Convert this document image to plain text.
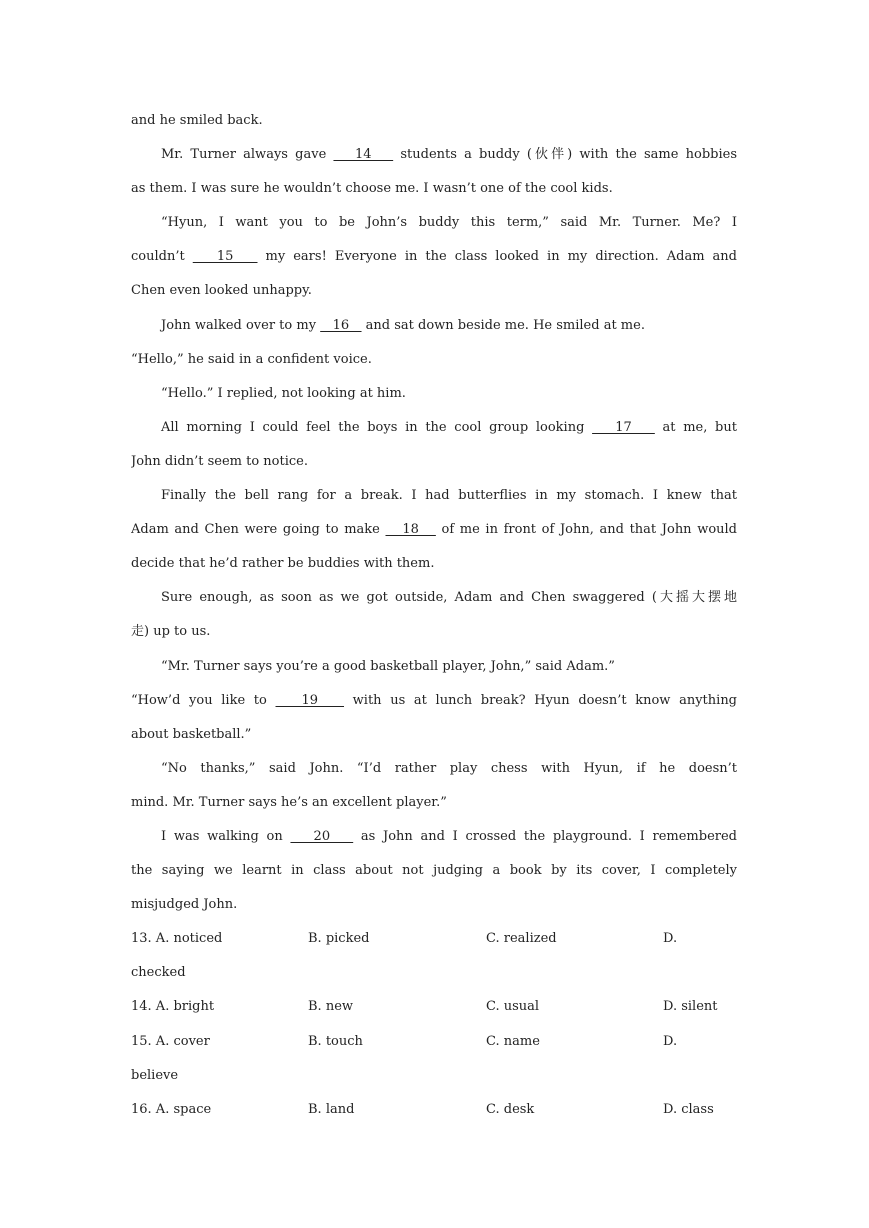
and he smiled back.
Mr. Turner always gave    14    students a buddy (伙伴) with the same hobbies
as them. I was sure he wouldn’t choose me. I wasn’t one of the cool kids.
“Hyun, I want you to be John’s buddy this term,” said Mr. Turner. Me? I
couldn’t    15    my ears! Everyone in the class looked in my direction. Adam and
Chen even looked unhappy.
John walked over to my    16    and sat down beside me. He smiled at me.
“Hello,” he said in a confident voice.
“Hello.” I replied, not looking at him.
All morning I could feel the boys in the cool group looking    17    at me, but
John didn’t seem to notice.
Finally the bell rang for a break. I had butterflies in my stomach. I knew that
Adam and Chen were going to make    18    of me in front of John, and that John would
decide that he’d rather be buddies with them.
Sure enough, as soon as we got outside, Adam and Chen swaggered (大摇大摆地
走) up to us.
“Mr. Turner says you’re a good basketball player, John,” said Adam.”
“How’d you like to    19    with us at lunch break? Hyun doesn’t know anything
about basketball.”
“No thanks,” said John. “I’d rather play chess with Hyun, if he doesn’t
mind. Mr. Turner says he’s an excellent player.”
I was walking on    20    as John and I crossed the playground. I remembered
the saying we learnt in class about not judging a book by its cover, I completely
misjudged John.
13. A. noticed	B. picked	C. realized	D.
checked
14. A. bright	B. new	C. usual	D. silent
15. A. cover	B. touch	C. name	D.
believe
16. A. space	B. land	C. desk	D. class
